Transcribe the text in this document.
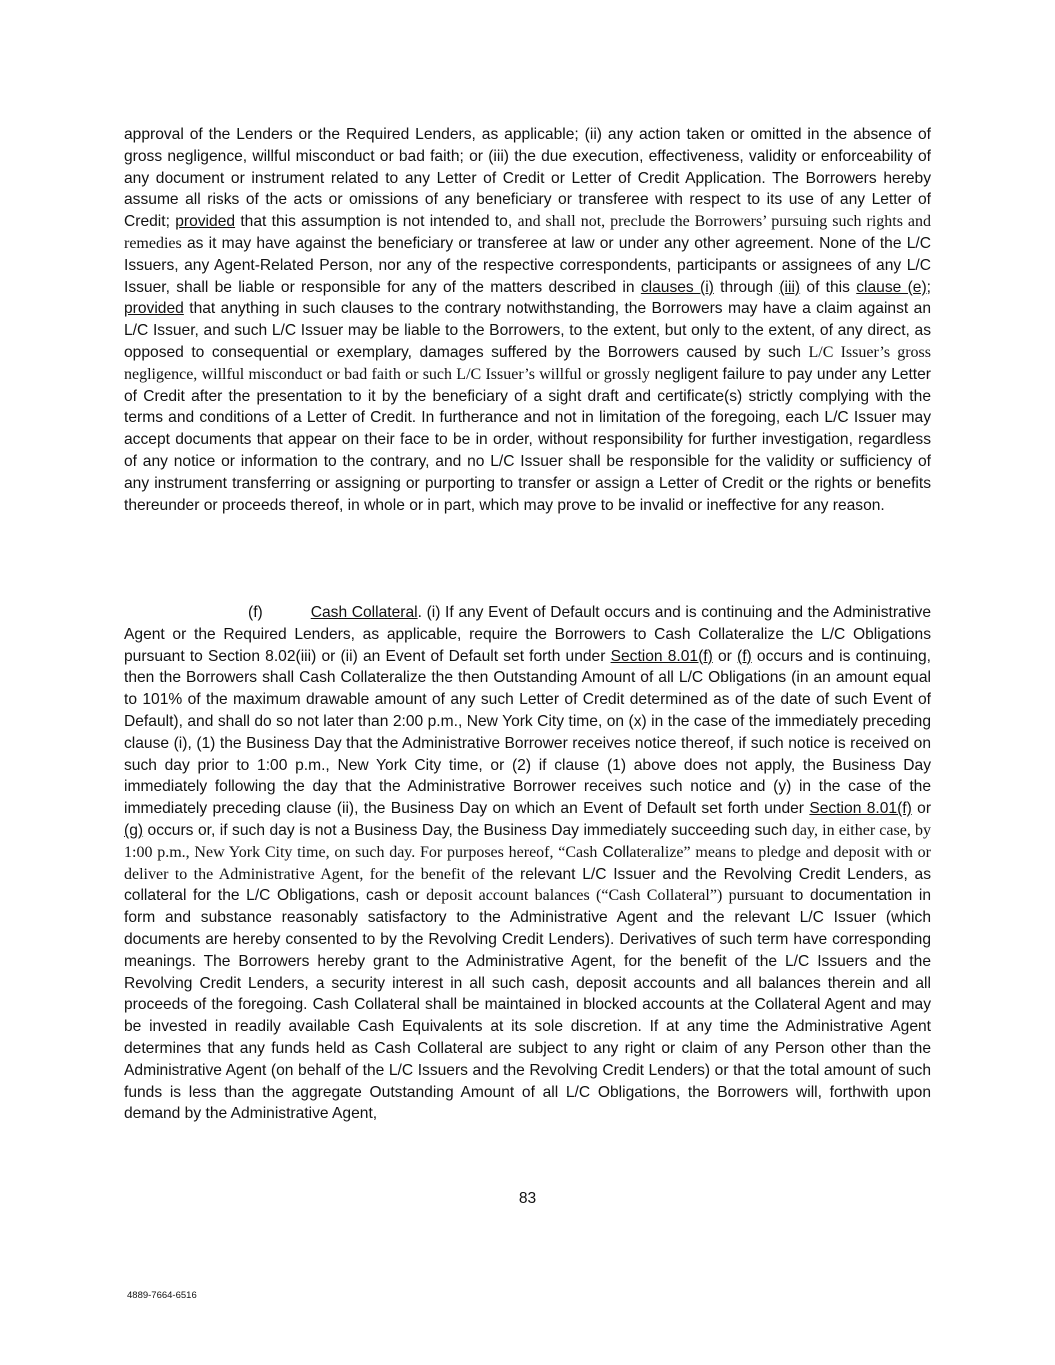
approval of the Lenders or the Required Lenders, as applicable; (ii) any action taken or omitted in the absence of gross negligence, willful misconduct or bad faith; or (iii) the due execution, effectiveness, validity or enforceability of any document or instrument related to any Letter of Credit or Letter of Credit Application. The Borrowers hereby assume all risks of the acts or omissions of any beneficiary or transferee with respect to its use of any Letter of Credit; provided that this assumption is not intended to, and shall not, preclude the Borrowers’ pursuing such rights and remedies as it may have against the beneficiary or transferee at law or under any other agreement. None of the L/C Issuers, any Agent-Related Person, nor any of the respective correspondents, participants or assignees of any L/C Issuer, shall be liable or responsible for any of the matters described in clauses (i) through (iii) of this clause (e); provided that anything in such clauses to the contrary notwithstanding, the Borrowers may have a claim against an L/C Issuer, and such L/C Issuer may be liable to the Borrowers, to the extent, but only to the extent, of any direct, as opposed to consequential or exemplary, damages suffered by the Borrowers caused by such L/C Issuer’s gross negligence, willful misconduct or bad faith or such L/C Issuer’s willful or grossly negligent failure to pay under any Letter of Credit after the presentation to it by the beneficiary of a sight draft and certificate(s) strictly complying with the terms and conditions of a Letter of Credit. In furtherance and not in limitation of the foregoing, each L/C Issuer may accept documents that appear on their face to be in order, without responsibility for further investigation, regardless of any notice or information to the contrary, and no L/C Issuer shall be responsible for the validity or sufficiency of any instrument transferring or assigning or purporting to transfer or assign a Letter of Credit or the rights or benefits thereunder or proceeds thereof, in whole or in part, which may prove to be invalid or ineffective for any reason.

(f)	Cash Collateral. (i) If any Event of Default occurs and is continuing and the Administrative Agent or the Required Lenders, as applicable, require the Borrowers to Cash Collateralize the L/C Obligations pursuant to Section 8.02(iii) or (ii) an Event of Default set forth under Section 8.01(f) or (f) occurs and is continuing, then the Borrowers shall Cash Collateralize the then Outstanding Amount of all L/C Obligations (in an amount equal to 101% of the maximum drawable amount of any such Letter of Credit determined as of the date of such Event of Default), and shall do so not later than 2:00 p.m., New York City time, on (x) in the case of the immediately preceding clause (i), (1) the Business Day that the Administrative Borrower receives notice thereof, if such notice is received on such day prior to 1:00 p.m., New York City time, or (2) if clause (1) above does not apply, the Business Day immediately following the day that the Administrative Borrower receives such notice and (y) in the case of the immediately preceding clause (ii), the Business Day on which an Event of Default set forth under Section 8.01(f) or (g) occurs or, if such day is not a Business Day, the Business Day immediately succeeding such day, in either case, by 1:00 p.m., New York City time, on such day. For purposes hereof, “Cash Collateralize” means to pledge and deposit with or deliver to the Administrative Agent, for the benefit of the relevant L/C Issuer and the Revolving Credit Lenders, as collateral for the L/C Obligations, cash or deposit account balances (“Cash Collateral”) pursuant to documentation in form and substance reasonably satisfactory to the Administrative Agent and the relevant L/C Issuer (which documents are hereby consented to by the Revolving Credit Lenders). Derivatives of such term have corresponding meanings. The Borrowers hereby grant to the Administrative Agent, for the benefit of the L/C Issuers and the Revolving Credit Lenders, a security interest in all such cash, deposit accounts and all balances therein and all proceeds of the foregoing. Cash Collateral shall be maintained in blocked accounts at the Collateral Agent and may be invested in readily available Cash Equivalents at its sole discretion. If at any time the Administrative Agent determines that any funds held as Cash Collateral are subject to any right or claim of any Person other than the Administrative Agent (on behalf of the L/C Issuers and the Revolving Credit Lenders) or that the total amount of such funds is less than the aggregate Outstanding Amount of all L/C Obligations, the Borrowers will, forthwith upon demand by the Administrative Agent,

83

4889-7664-6516
